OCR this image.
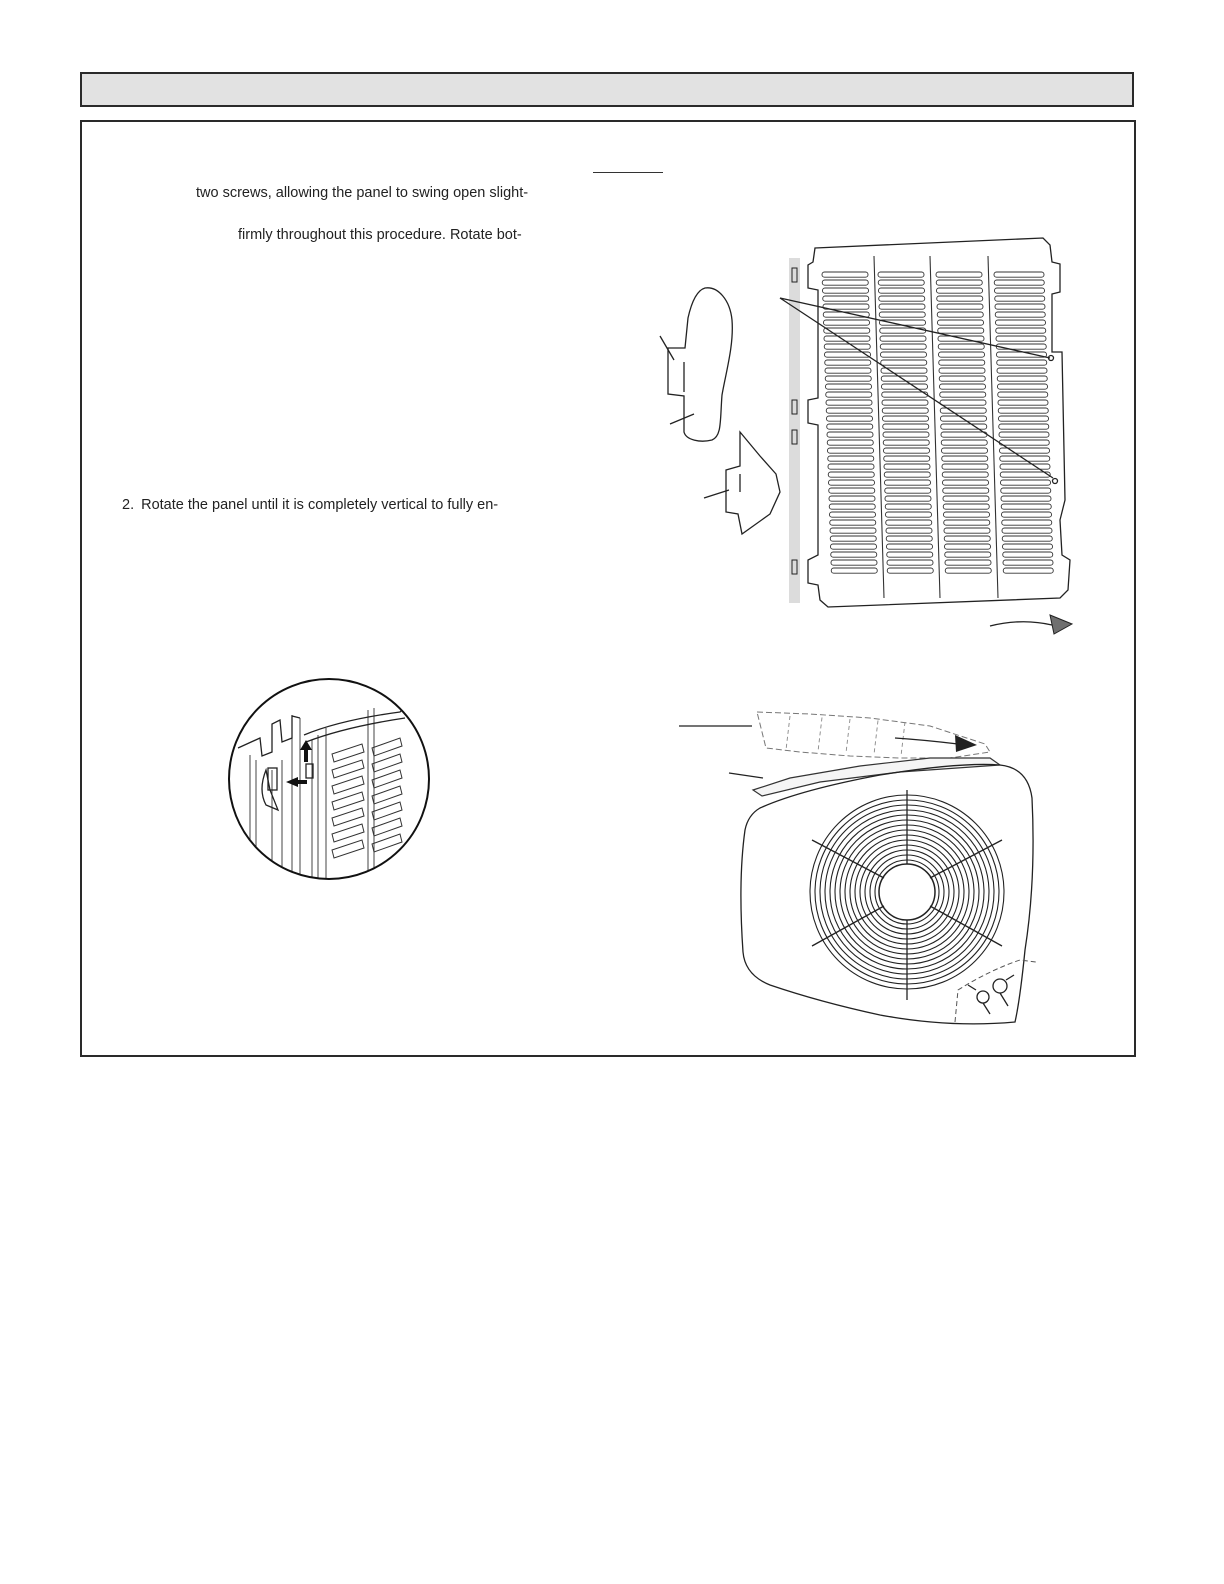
two screws, allowing the panel to swing open slight-
firmly throughout this procedure. Rotate bot-
2. Rotate the panel until it is completely vertical to fully en-
